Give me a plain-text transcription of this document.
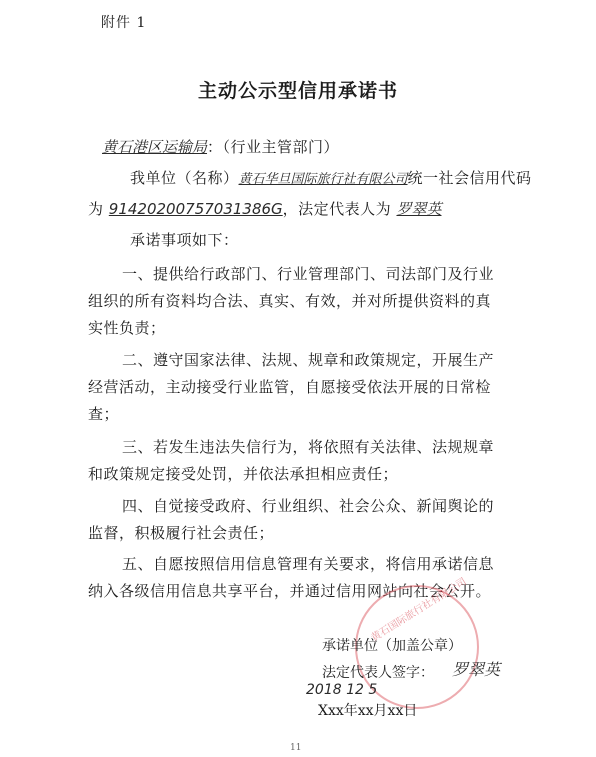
附件 1
主动公示型信用承诺书
黄石港区运输局：（行业主管部门）
我单位（名称）黄石华旦国际旅行社有限公司统一社会信用代码
为 91420200757031386G，法定代表人为 罗翠英
承诺事项如下：
一、提供给行政部门、行业管理部门、司法部门及行业
组织的所有资料均合法、真实、有效，并对所提供资料的真
实性负责；
二、遵守国家法律、法规、规章和政策规定，开展生产
经营活动，主动接受行业监管，自愿接受依法开展的日常检
查；
三、若发生违法失信行为，将依照有关法律、法规规章
和政策规定接受处罚，并依法承担相应责任；
四、自觉接受政府、行业组织、社会公众、新闻舆论的
监督，积极履行社会责任；
五、自愿按照信用信息管理有关要求，将信用承诺信息
纳入各级信用信息共享平台，并通过信用网站向社会公开。
黄石国际旅行社有限公司
承诺单位（加盖公章）
法定代表人签字： 罗翠英
2018 12 5
Xxx年xx月xx日
11
